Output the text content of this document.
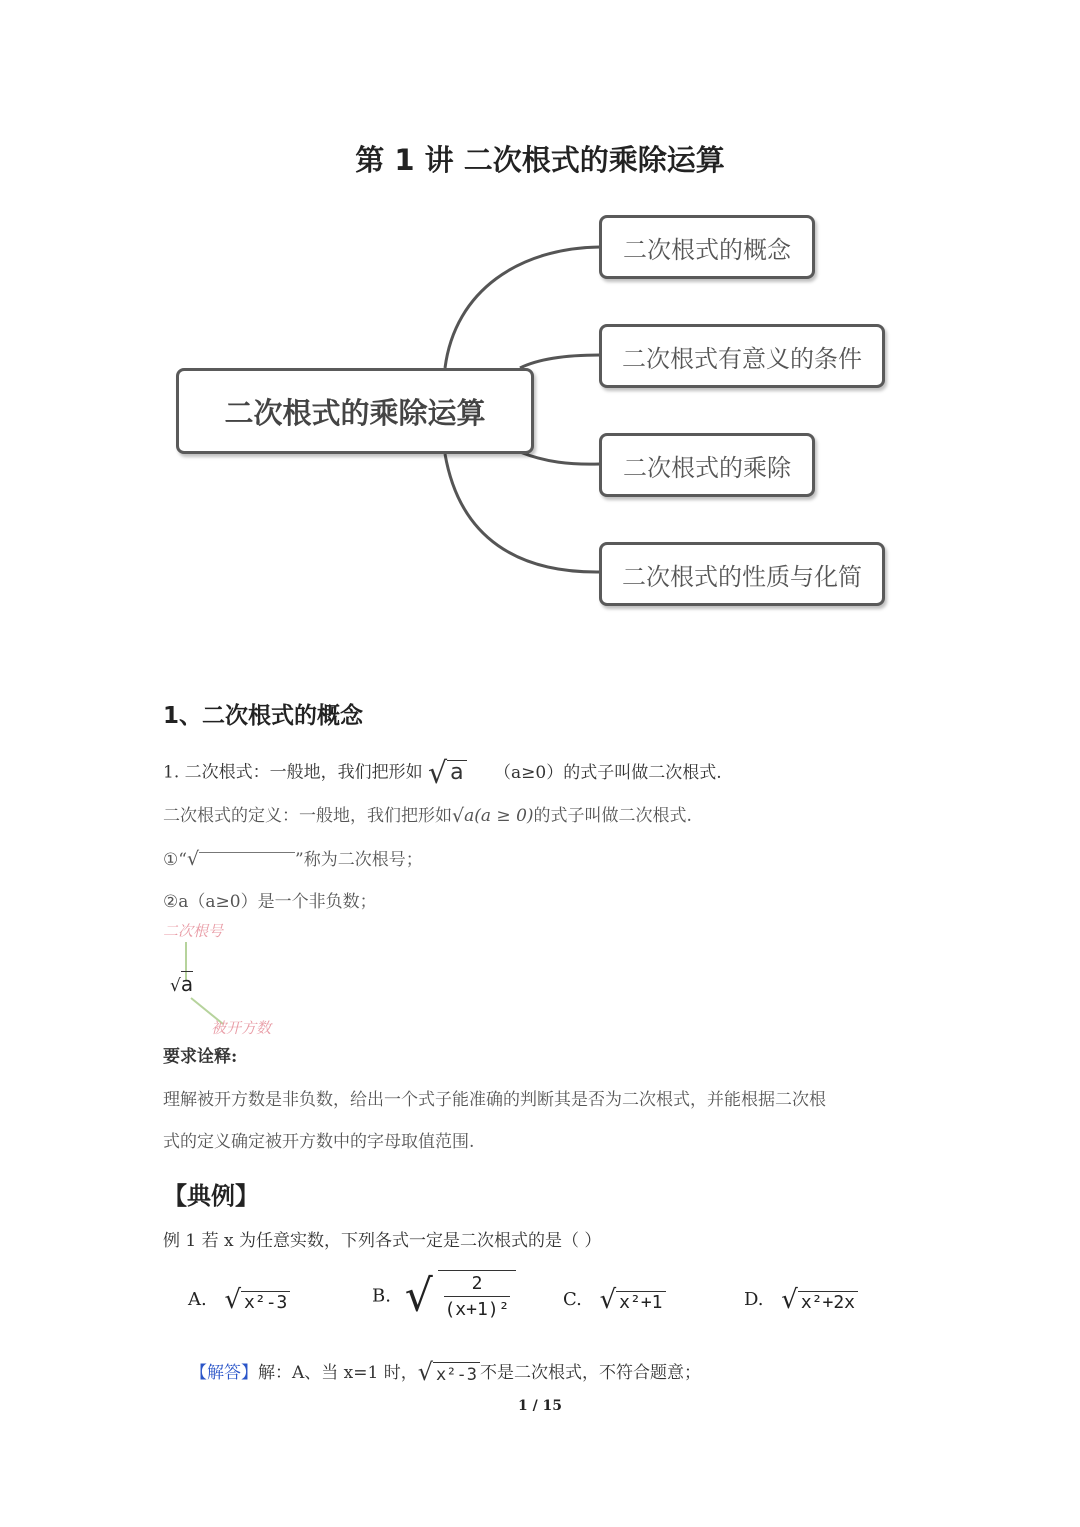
第 1 讲 二次根式的乘除运算
二次根式的乘除运算
二次根式的概念
二次根式有意义的条件
二次根式的乘除
二次根式的性质与化简
1、二次根式的概念
1. 二次根式：一般地，我们把形如 √ a （a≥0）的式子叫做二次根式.
二次根式的定义：一般地，我们把形如√a(a ≥ 0)的式子叫做二次根式.
①“√	”称为二次根号；
②a（a≥0）是一个非负数；
二次根号
√a
被开方数
要求诠释:
理解被开方数是非负数，给出一个式子能准确的判断其是否为二次根式，并能根据二次根
式的定义确定被开方数中的字母取值范围.
【典例】
例 1 若 x 为任意实数，下列各式一定是二次根式的是（ ）
A. √ x²-3	B. √ $\frac{2}{\text{(x+1)²}}$	C. √ x²+1	D. √ x²+2x
【解答】解：A、当 x=1 时，√ x²-3 不是二次根式，不符合题意；
1 / 15
